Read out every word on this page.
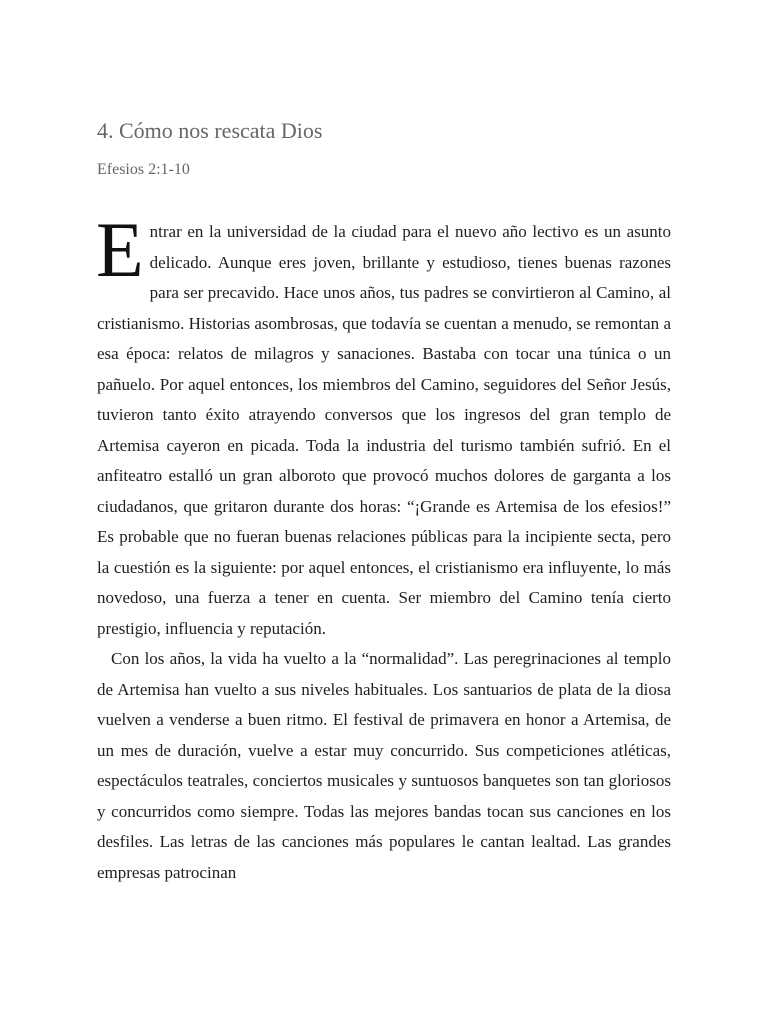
4. Cómo nos rescata Dios
Efesios 2:1-10

Entrar en la universidad de la ciudad para el nuevo año lectivo es un asunto delicado. Aunque eres joven, brillante y estudioso, tienes buenas razones para ser precavido. Hace unos años, tus padres se convirtieron al Camino, al cristianismo. Historias asombrosas, que todavía se cuentan a menudo, se remontan a esa época: relatos de milagros y sanaciones. Bastaba con tocar una túnica o un pañuelo. Por aquel entonces, los miembros del Camino, seguidores del Señor Jesús, tuvieron tanto éxito atrayendo conversos que los ingresos del gran templo de Artemisa cayeron en picada. Toda la industria del turismo también sufrió. En el anfiteatro estalló un gran alboroto que provocó muchos dolores de garganta a los ciudadanos, que gritaron durante dos horas: “¡Grande es Artemisa de los efesios!” Es probable que no fueran buenas relaciones públicas para la incipiente secta, pero la cuestión es la siguiente: por aquel entonces, el cristianismo era influyente, lo más novedoso, una fuerza a tener en cuenta. Ser miembro del Camino tenía cierto prestigio, influencia y reputación.

Con los años, la vida ha vuelto a la “normalidad”. Las peregrinaciones al templo de Artemisa han vuelto a sus niveles habituales. Los santuarios de plata de la diosa vuelven a venderse a buen ritmo. El festival de primavera en honor a Artemisa, de un mes de duración, vuelve a estar muy concurrido. Sus competiciones atléticas, espectáculos teatrales, conciertos musicales y suntuosos banquetes son tan gloriosos y concurridos como siempre. Todas las mejores bandas tocan sus canciones en los desfiles. Las letras de las canciones más populares le cantan lealtad. Las grandes empresas patrocinan
